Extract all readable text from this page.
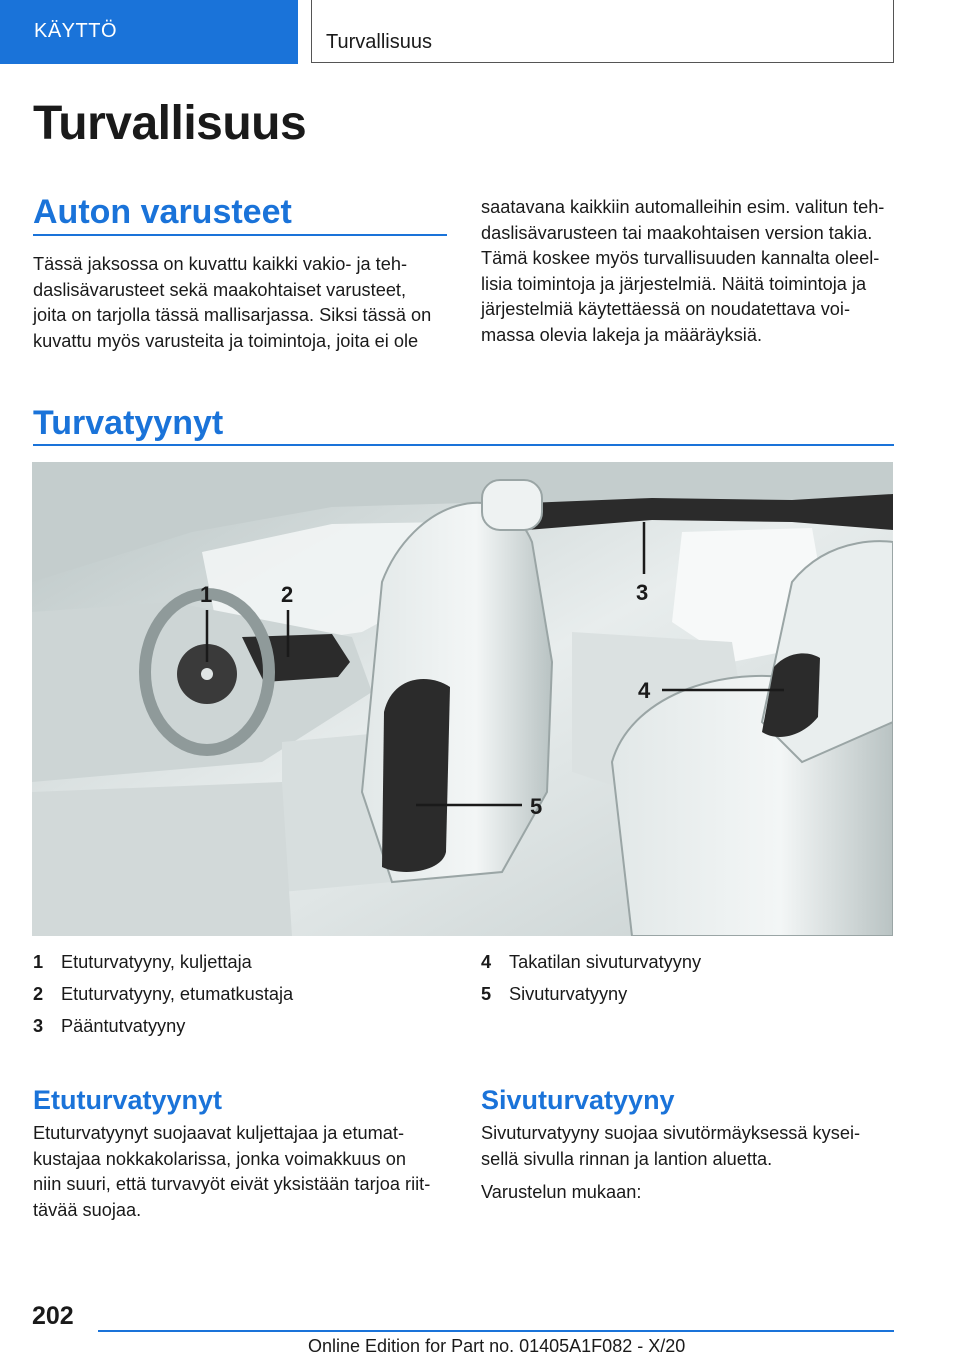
KÄYTTÖ	Turvallisuus
Turvallisuus
Auton varusteet

Tässä jaksossa on kuvattu kaikki vakio- ja teh-

daslisävarusteet sekä maakohtaiset varusteet,

joita on tarjolla tässä mallisarjassa. Siksi tässä on

kuvattu myös varusteita ja toimintoja, joita ei ole

saatavana kaikkiin automalleihin esim. valitun teh-

daslisävarusteen tai maakohtaisen version takia.

Tämä koskee myös turvallisuuden kannalta oleel-

lisia toimintoja ja järjestelmiä. Näitä toimintoja ja

järjestelmiä käytettäessä on noudatettava voi-

massa olevia lakeja ja määräyksiä.

Turvatyynyt
1	2	3
4
5
1 Etuturvatyyny, kuljettaja
2 Etuturvatyyny, etumatkustaja
3 Pääntutvatyyny
4 Takatilan sivuturvatyyny
5 Sivuturvatyyny
Etuturvatyynyt

Etuturvatyynyt suojaavat kuljettajaa ja etumat-

kustajaa nokkakolarissa, jonka voimakkuus on

niin suuri, että turvavyöt eivät yksistään tarjoa riit-

tävää suojaa.

Sivuturvatyyny

Sivuturvatyyny suojaa sivutörmäyksessä kysei-

sellä sivulla rinnan ja lantion aluetta.

Varustelun mukaan:

202
Online Edition for Part no. 01405A1F082 - X/20
